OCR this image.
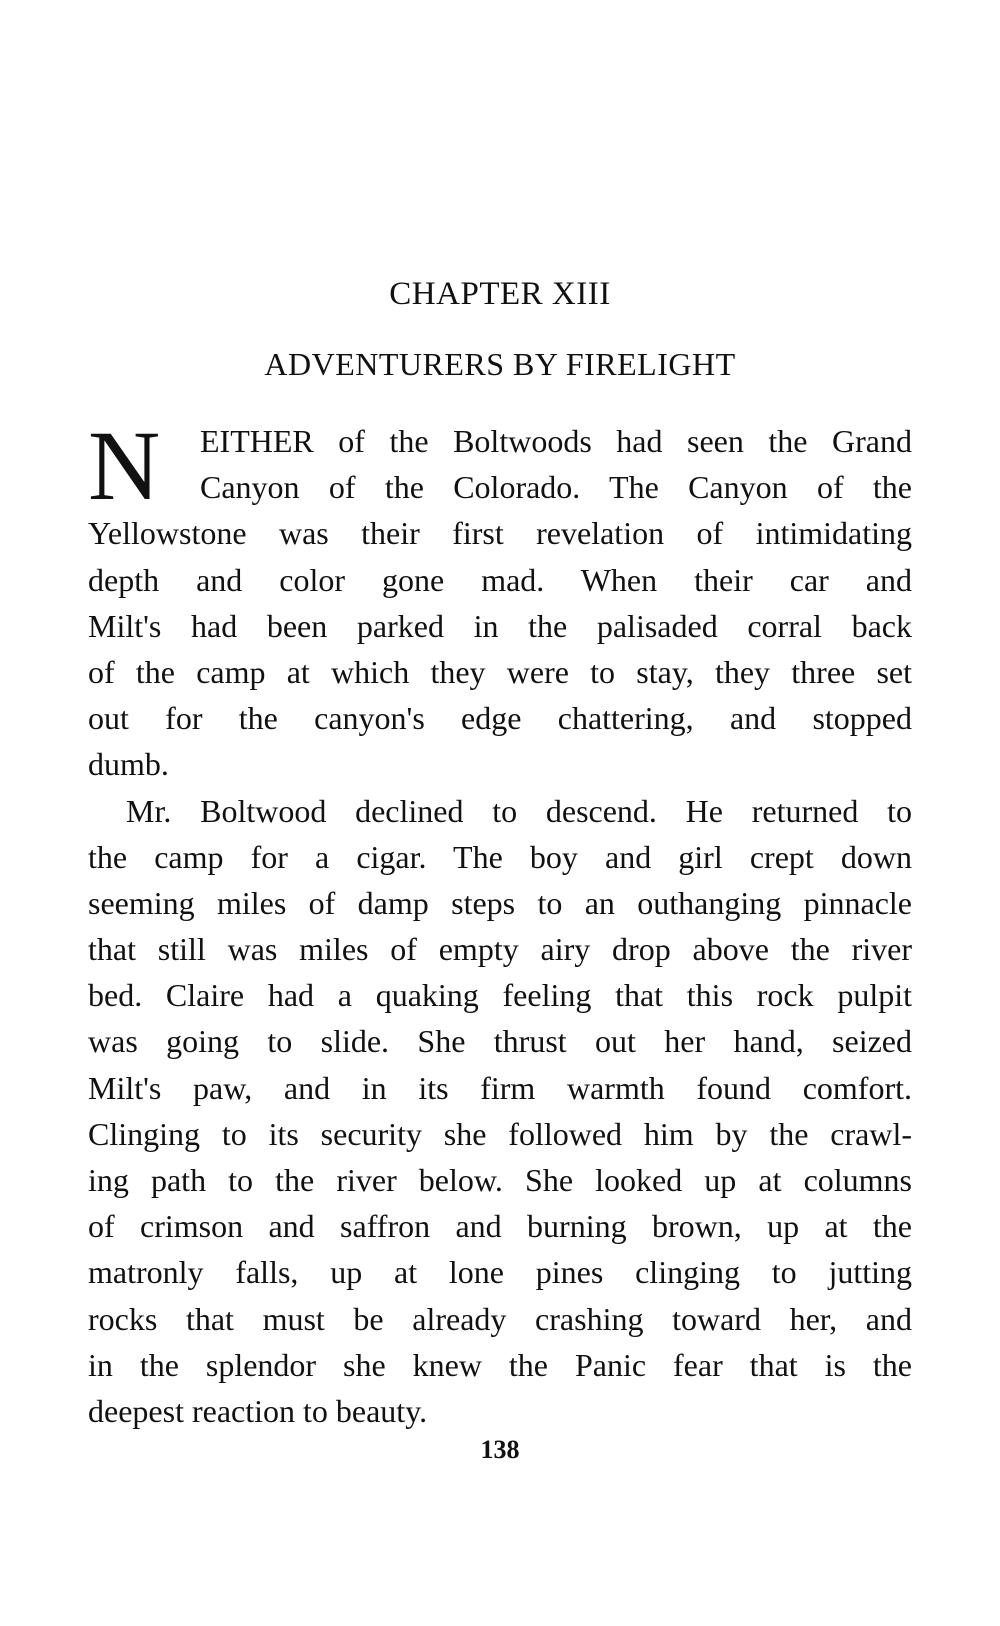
CHAPTER XIII
ADVENTURERS BY FIRELIGHT
N	EITHER of the Boltwoods had seen the Grand
Canyon of the Colorado. The Canyon of the
Yellowstone was their first revelation of intimidating
depth and color gone mad. When their car and
Milt's had been parked in the palisaded corral back
of the camp at which they were to stay, they three set
out for the canyon's edge chattering, and stopped
dumb.
Mr. Boltwood declined to descend. He returned to
the camp for a cigar. The boy and girl crept down
seeming miles of damp steps to an outhanging pinnacle
that still was miles of empty airy drop above the river
bed. Claire had a quaking feeling that this rock pulpit
was going to slide. She thrust out her hand, seized
Milt's paw, and in its firm warmth found comfort.
Clinging to its security she followed him by the crawl-
ing path to the river below. She looked up at columns
of crimson and saffron and burning brown, up at the
matronly falls, up at lone pines clinging to jutting
rocks that must be already crashing toward her, and
in the splendor she knew the Panic fear that is the
deepest reaction to beauty.
138
